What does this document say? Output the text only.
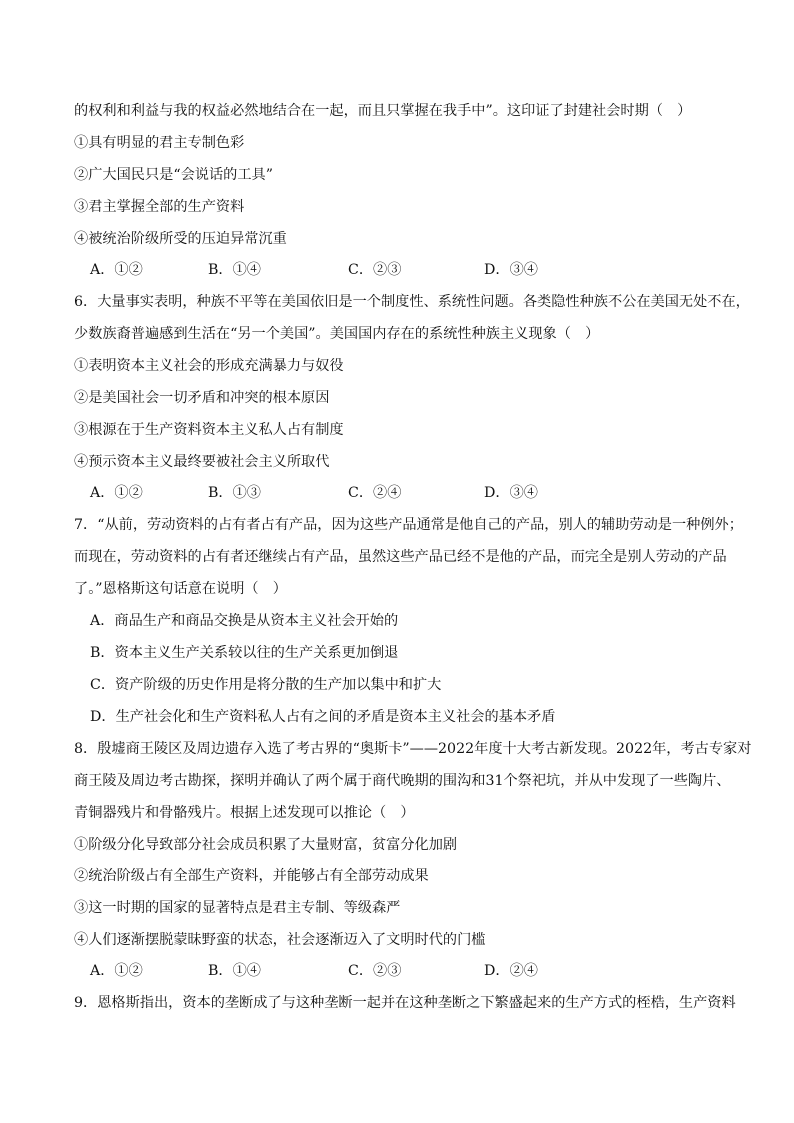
的权利和利益与我的权益必然地结合在一起，而且只掌握在我手中”。这印证了封建社会时期（　）
①具有明显的君主专制色彩
②广大国民只是“会说话的工具”
③君主掌握全部的生产资料
④被统治阶级所受的压迫异常沉重
A．①②	B．①④	C．②③	D．③④
6．大量事实表明，种族不平等在美国依旧是一个制度性、系统性问题。各类隐性种族不公在美国无处不在，
少数族裔普遍感到生活在“另一个美国”。美国国内存在的系统性种族主义现象（　）
①表明资本主义社会的形成充满暴力与奴役
②是美国社会一切矛盾和冲突的根本原因
③根源在于生产资料资本主义私人占有制度
④预示资本主义最终要被社会主义所取代
A．①②	B．①③	C．②④	D．③④
7．“从前，劳动资料的占有者占有产品，因为这些产品通常是他自己的产品，别人的辅助劳动是一种例外；
而现在，劳动资料的占有者还继续占有产品，虽然这些产品已经不是他的产品，而完全是别人劳动的产品
了。”恩格斯这句话意在说明（　）
A．商品生产和商品交换是从资本主义社会开始的
B．资本主义生产关系较以往的生产关系更加倒退
C．资产阶级的历史作用是将分散的生产加以集中和扩大
D．生产社会化和生产资料私人占有之间的矛盾是资本主义社会的基本矛盾
8．殷墟商王陵区及周边遗存入选了考古界的“奥斯卡”——2022年度十大考古新发现。2022年，考古专家对
商王陵及周边考古勘探，探明并确认了两个属于商代晚期的围沟和31个祭祀坑，并从中发现了一些陶片、
青铜器残片和骨骼残片。根据上述发现可以推论（　）
①阶级分化导致部分社会成员积累了大量财富，贫富分化加剧
②统治阶级占有全部生产资料，并能够占有全部劳动成果
③这一时期的国家的显著特点是君主专制、等级森严
④人们逐渐摆脱蒙昧野蛮的状态，社会逐渐迈入了文明时代的门槛
A．①②	B．①④	C．②③	D．②④
9．恩格斯指出，资本的垄断成了与这种垄断一起并在这种垄断之下繁盛起来的生产方式的桎梏，生产资料
